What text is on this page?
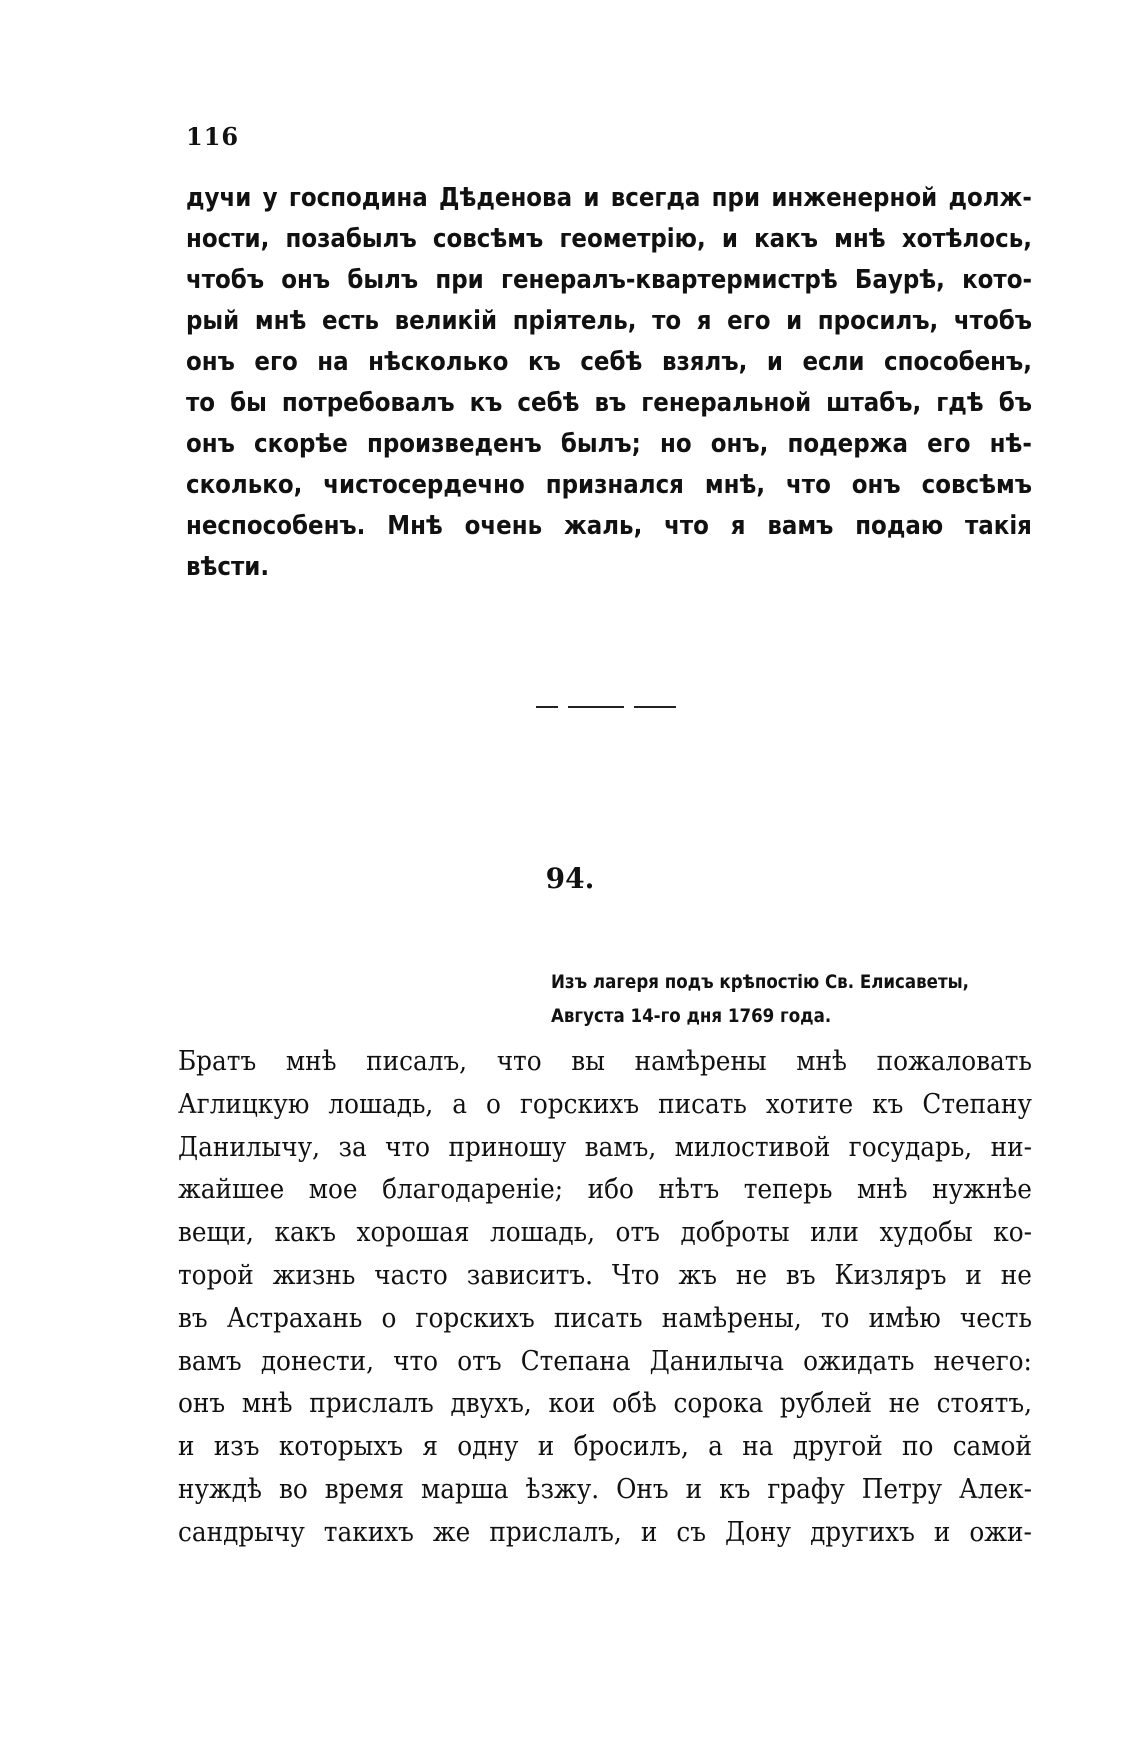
116
дучи у господина Дѣденова и всегда при инженерной долж-
ности, позабылъ совсѣмъ геометрію, и какъ мнѣ хотѣлось,
чтобъ онъ былъ при генералъ-квартермистрѣ Баурѣ, кото-
рый мнѣ есть великій пріятель, то я его и просилъ, чтобъ
онъ его на нѣсколько къ себѣ взялъ, и если способенъ,
то бы потребовалъ къ себѣ въ генеральной штабъ, гдѣ бъ
онъ скорѣе произведенъ былъ; но онъ, подержа его нѣ-
сколько, чистосердечно признался мнѣ, что онъ совсѣмъ
неспособенъ. Мнѣ очень жаль, что я вамъ подаю такія
вѣсти.
94.
Изъ лагеря подъ крѣпостію Св. Елисаветы,
Августа 14-го дня 1769 года.
Братъ мнѣ писалъ, что вы намѣрены мнѣ пожаловать
Аглицкую лошадь, а о горскихъ писать хотите къ Степану
Данилычу, за что приношу вамъ, милостивой государь, ни-
жайшее мое благодареніе; ибо нѣтъ теперь мнѣ нужнѣе
вещи, какъ хорошая лошадь, отъ доброты или худобы ко-
торой жизнь часто зависитъ. Что жъ не въ Кизляръ и не
въ Астрахань о горскихъ писать намѣрены, то имѣю честь
вамъ донести, что отъ Степана Данилыча ожидать нечего:
онъ мнѣ прислалъ двухъ, кои обѣ сорока рублей не стоятъ,
и изъ которыхъ я одну и бросилъ, а на другой по самой
нуждѣ во время марша ѣзжу. Онъ и къ графу Петру Алек-
сандрычу такихъ же прислалъ, и съ Дону другихъ и ожи-
